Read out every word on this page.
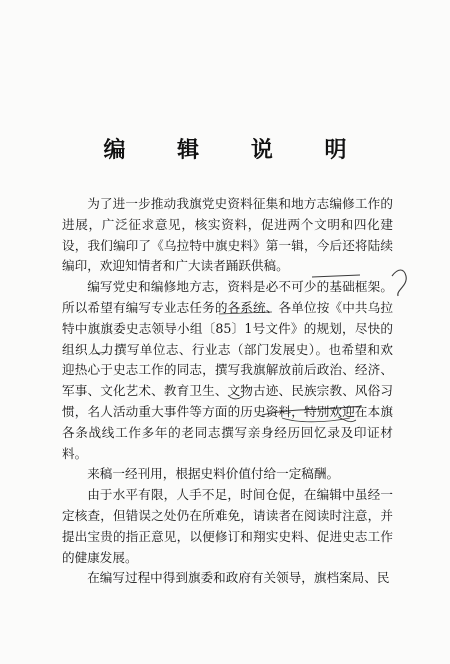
编 辑 说 明

为了进一步推动我旗党史资料征集和地方志编修工作的进展，广泛征求意见，核实资料，促进两个文明和四化建设，我们编印了《乌拉特中旗史料》第一辑，今后还将陆续编印，欢迎知情者和广大读者踊跃供稿。

编写党史和编修地方志，资料是必不可少的基础框架。所以希望有编写专业志任务的各系统、各单位按《中共乌拉特中旗旗委史志领导小组〔85〕1号文件》的规划，尽快的组织人力撰写单位志、行业志（部门发展史）。也希望和欢迎热心于史志工作的同志，撰写我旗解放前后政治、经济、军事、文化艺术、教育卫生、文物古迹、民族宗教、风俗习惯，名人活动重大事件等方面的历史资料，特别欢迎在本旗各条战线工作多年的老同志撰写亲身经历回忆录及印证材料。

来稿一经刊用，根据史料价值付给一定稿酬。

由于水平有限，人手不足，时间仓促，在编辑中虽经一定核查，但错误之处仍在所难免，请读者在阅读时注意，并提出宝贵的指正意见，以便修订和翔实史料、促进史志工作的健康发展。

在编写过程中得到旗委和政府有关领导，旗档案局、民
